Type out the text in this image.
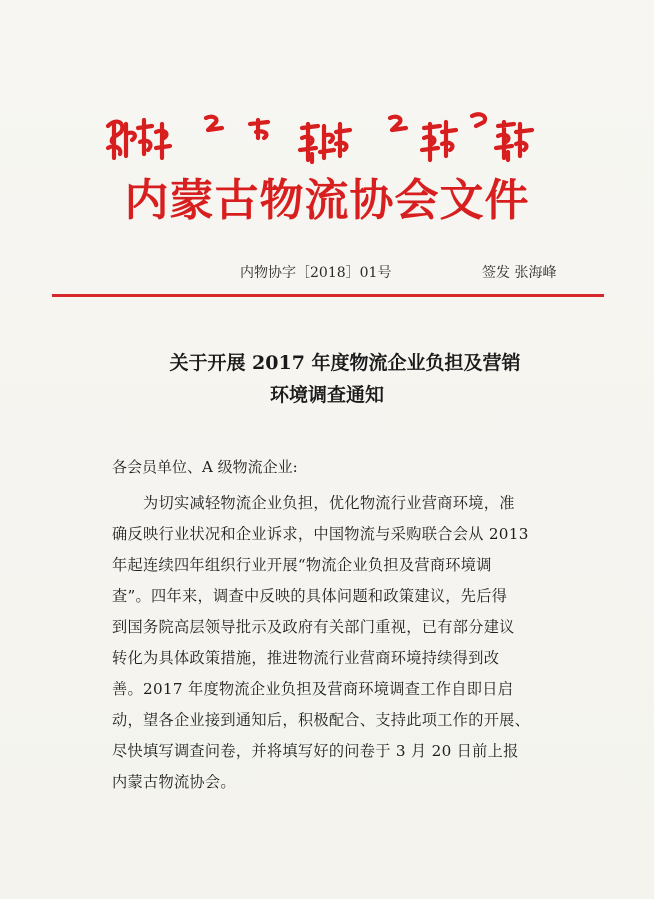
内蒙古物流协会文件
内物协字［2018］01号	签发 张海峰
关于开展 2017 年度物流企业负担及营销
环境调查通知
各会员单位、A 级物流企业:
为切实减轻物流企业负担，优化物流行业营商环境，准
确反映行业状况和企业诉求，中国物流与采购联合会从 2013
年起连续四年组织行业开展“物流企业负担及营商环境调
查”。四年来，调查中反映的具体问题和政策建议，先后得
到国务院高层领导批示及政府有关部门重视，已有部分建议
转化为具体政策措施，推进物流行业营商环境持续得到改
善。2017 年度物流企业负担及营商环境调查工作自即日启
动，望各企业接到通知后，积极配合、支持此项工作的开展、
尽快填写调查问卷，并将填写好的问卷于 3 月 20 日前上报
内蒙古物流协会。
